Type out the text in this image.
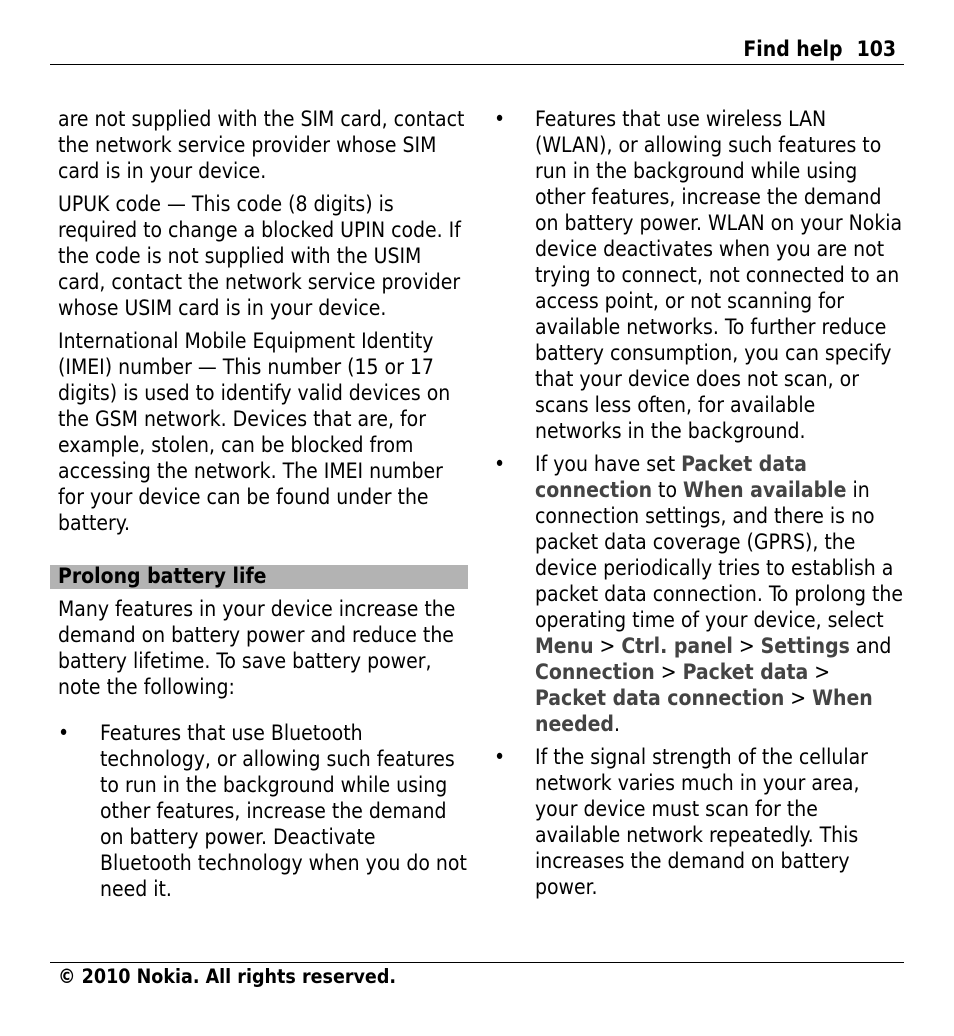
Find help 103

are not supplied with the SIM card, contact the network service provider whose SIM card is in your device.

UPUK code — This code (8 digits) is required to change a blocked UPIN code. If the code is not supplied with the USIM card, contact the network service provider whose USIM card is in your device.

International Mobile Equipment Identity (IMEI) number — This number (15 or 17 digits) is used to identify valid devices on the GSM network. Devices that are, for example, stolen, can be blocked from accessing the network. The IMEI number for your device can be found under the battery.

Prolong battery life

Many features in your device increase the demand on battery power and reduce the battery lifetime. To save battery power, note the following:

• Features that use Bluetooth technology, or allowing such features to run in the background while using other features, increase the demand on battery power. Deactivate Bluetooth technology when you do not need it.
• Features that use wireless LAN (WLAN), or allowing such features to run in the background while using other features, increase the demand on battery power. WLAN on your Nokia device deactivates when you are not trying to connect, not connected to an access point, or not scanning for available networks. To further reduce battery consumption, you can specify that your device does not scan, or scans less often, for available networks in the background.
• If you have set Packet data connection to When available in connection settings, and there is no packet data coverage (GPRS), the device periodically tries to establish a packet data connection. To prolong the operating time of your device, select Menu > Ctrl. panel > Settings and Connection > Packet data > Packet data connection > When needed.
• If the signal strength of the cellular network varies much in your area, your device must scan for the available network repeatedly. This increases the demand on battery power.
© 2010 Nokia. All rights reserved.
